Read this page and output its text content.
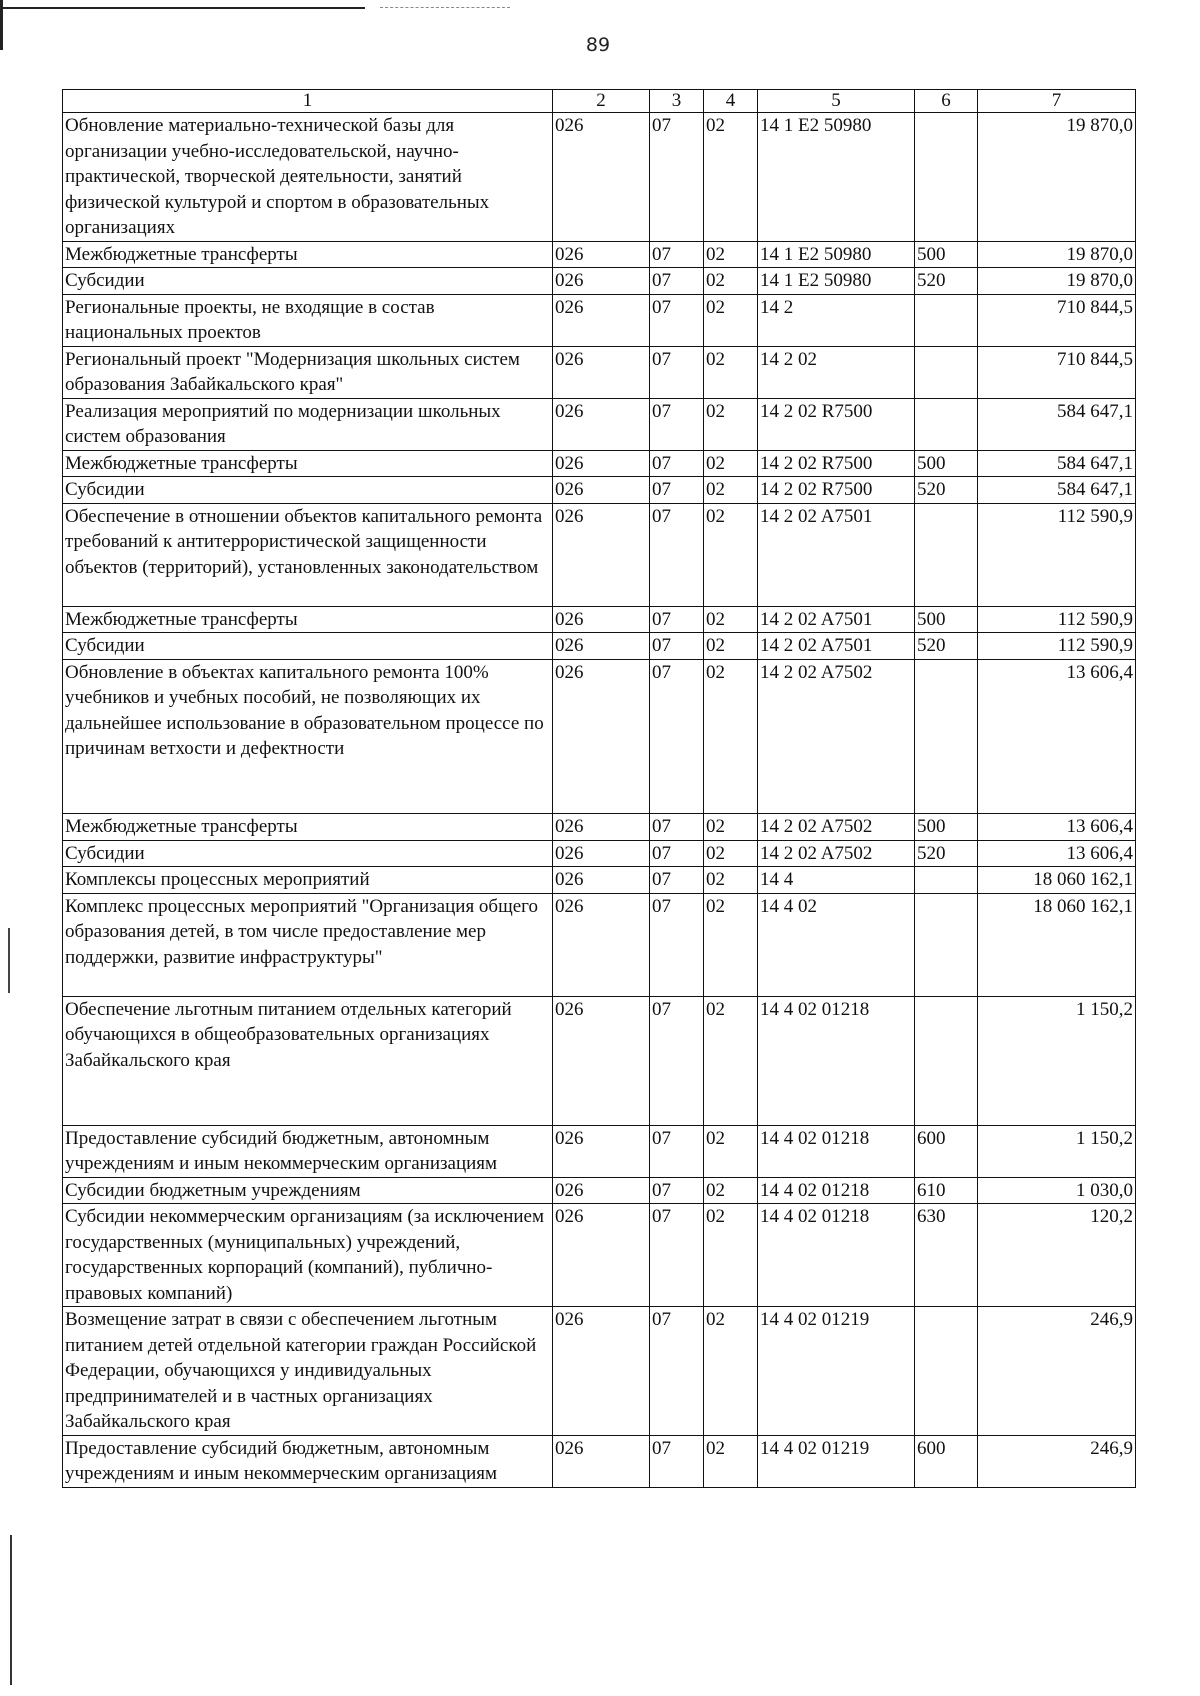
89
1	2	3	4	5	6	7
Обновление материально-технической базы для организации учебно-исследовательской, научно-практической, творческой деятельности, занятий физической культурой и спортом в образовательных организациях	026	07	02	14 1 E2 50980		19 870,0
Межбюджетные трансферты	026	07	02	14 1 E2 50980	500	19 870,0
Субсидии	026	07	02	14 1 E2 50980	520	19 870,0
Региональные проекты, не входящие в состав национальных проектов	026	07	02	14 2		710 844,5
Региональный проект "Модернизация школьных систем образования Забайкальского края"	026	07	02	14 2 02		710 844,5
Реализация мероприятий по модернизации школьных систем образования	026	07	02	14 2 02 R7500		584 647,1
Межбюджетные трансферты	026	07	02	14 2 02 R7500	500	584 647,1
Субсидии	026	07	02	14 2 02 R7500	520	584 647,1
Обеспечение в отношении объектов капитального ремонта требований к антитеррористической защищенности объектов (территорий), установленных законодательством	026	07	02	14 2 02 A7501		112 590,9
Межбюджетные трансферты	026	07	02	14 2 02 A7501	500	112 590,9
Субсидии	026	07	02	14 2 02 A7501	520	112 590,9
Обновление в объектах капитального ремонта 100% учебников и учебных пособий, не позволяющих их дальнейшее использование в образовательном процессе по причинам ветхости и дефектности	026	07	02	14 2 02 A7502		13 606,4
Межбюджетные трансферты	026	07	02	14 2 02 A7502	500	13 606,4
Субсидии	026	07	02	14 2 02 A7502	520	13 606,4
Комплексы процессных мероприятий	026	07	02	14 4		18 060 162,1
Комплекс процессных мероприятий "Организация общего образования детей, в том числе предоставление мер поддержки, развитие инфраструктуры"	026	07	02	14 4 02		18 060 162,1
Обеспечение льготным питанием отдельных категорий обучающихся в общеобразовательных организациях Забайкальского края	026	07	02	14 4 02 01218		1 150,2
Предоставление субсидий бюджетным, автономным учреждениям и иным некоммерческим организациям	026	07	02	14 4 02 01218	600	1 150,2
Субсидии бюджетным учреждениям	026	07	02	14 4 02 01218	610	1 030,0
Субсидии некоммерческим организациям (за исключением государственных (муниципальных) учреждений, государственных корпораций (компаний), публично-правовых компаний)	026	07	02	14 4 02 01218	630	120,2
Возмещение затрат в связи с обеспечением льготным питанием детей отдельной категории граждан Российской Федерации, обучающихся у индивидуальных предпринимателей и в частных организациях Забайкальского края	026	07	02	14 4 02 01219		246,9
Предоставление субсидий бюджетным, автономным учреждениям и иным некоммерческим организациям	026	07	02	14 4 02 01219	600	246,9
